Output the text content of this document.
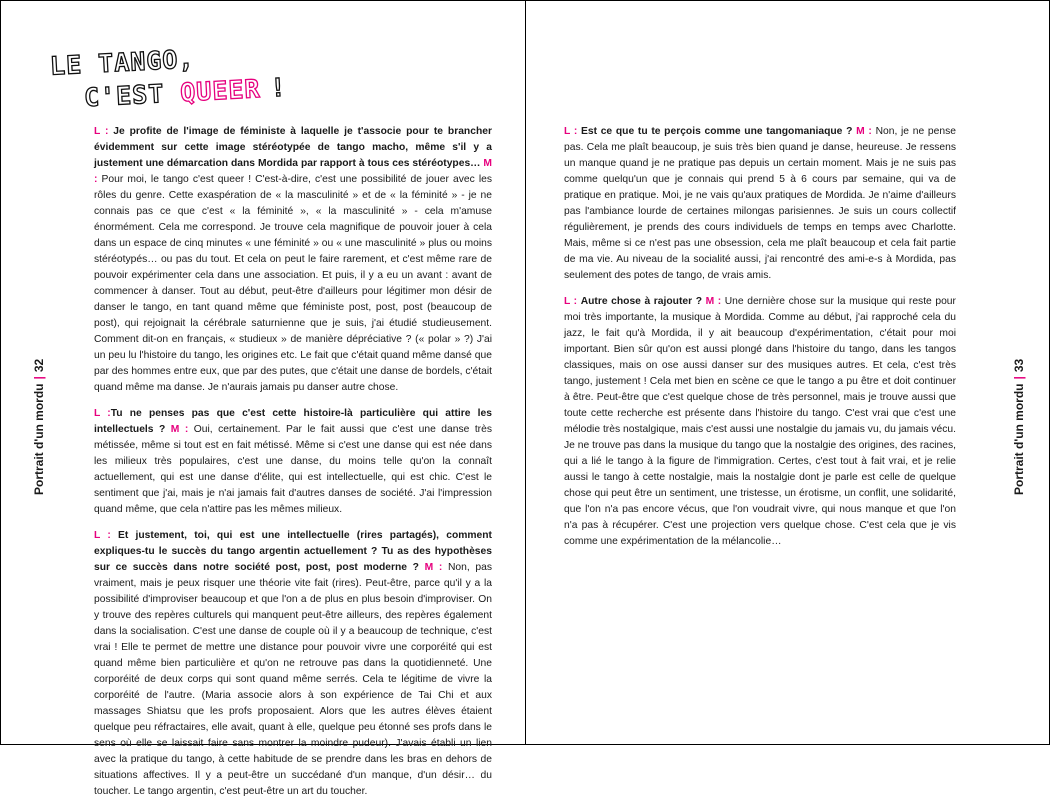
LE TANGO,
C'EST QUEER !

L : Je profite de l'image de féministe à laquelle je t'associe pour te brancher évidemment sur cette image stéréotypée de tango macho, même s'il y a justement une démarcation dans Mordida par rapport à tous ces stéréotypes… M : Pour moi, le tango c'est queer ! C'est-à-dire, c'est une possibilité de jouer avec les rôles du genre. Cette exaspération de « la masculinité » et de « la féminité » - je ne connais pas ce que c'est « la féminité », « la masculinité » - cela m'amuse énormément. Cela me correspond. Je trouve cela magnifique de pouvoir jouer à cela dans un espace de cinq minutes « une féminité » ou « une masculinité » plus ou moins stéréotypés… ou pas du tout. Et cela on peut le faire rarement, et c'est même rare de pouvoir expérimenter cela dans une association. Et puis, il y a eu un avant : avant de commencer à danser. Tout au début, peut-être d'ailleurs pour légitimer mon désir de danser le tango, en tant quand même que féministe post, post, post (beaucoup de post), qui rejoignait la cérébrale saturnienne que je suis, j'ai étudié studieusement. Comment dit-on en français, « studieux » de manière dépréciative ? (« polar » ?) J'ai un peu lu l'histoire du tango, les origines etc. Le fait que c'était quand même dansé que par des hommes entre eux, que par des putes, que c'était une danse de bordels, c'était quand même ma danse. Je n'aurais jamais pu danser autre chose.

L :Tu ne penses pas que c'est cette histoire-là particulière qui attire les intellectuels ? M : Oui, certainement. Par le fait aussi que c'est une danse très métissée, même si tout est en fait métissé. Même si c'est une danse qui est née dans les milieux très populaires, c'est une danse, du moins telle qu'on la connaît actuellement, qui est une danse d'élite, qui est intellectuelle, qui est chic. C'est le sentiment que j'ai, mais je n'ai jamais fait d'autres danses de société. J'ai l'impression quand même, que cela n'attire pas les mêmes milieux.

L : Et justement, toi, qui est une intellectuelle (rires partagés), comment expliques-tu le succès du tango argentin actuellement ? Tu as des hypothèses sur ce succès dans notre société post, post, post moderne ? M : Non, pas vraiment, mais je peux risquer une théorie vite fait (rires). Peut-être, parce qu'il y a la possibilité d'improviser beaucoup et que l'on a de plus en plus besoin d'improviser. On y trouve des repères culturels qui manquent peut-être ailleurs, des repères également dans la socialisation. C'est une danse de couple où il y a beaucoup de technique, c'est vrai ! Elle te permet de mettre une distance pour pouvoir vivre une corporéité qui est quand même bien particulière et qu'on ne retrouve pas dans la quotidienneté. Une corporéité de deux corps qui sont quand même serrés. Cela te légitime de vivre la corporéité de l'autre. (Maria associe alors à son expérience de Tai Chi et aux massages Shiatsu que les profs proposaient. Alors que les autres élèves étaient quelque peu réfractaires, elle avait, quant à elle, quelque peu étonné ses profs dans le sens où elle se laissait faire sans montrer la moindre pudeur). J'avais établi un lien avec la pratique du tango, à cette habitude de se prendre dans les bras en dehors de situations affectives. Il y a peut-être un succédané d'un manque, d'un désir… du toucher. Le tango argentin, c'est peut-être un art du toucher.

L : Est ce que tu te perçois comme une tangomaniaque ? M : Non, je ne pense pas. Cela me plaît beaucoup, je suis très bien quand je danse, heureuse. Je ressens un manque quand je ne pratique pas depuis un certain moment. Mais je ne suis pas comme quelqu'un que je connais qui prend 5 à 6 cours par semaine, qui va de pratique en pratique. Moi, je ne vais qu'aux pratiques de Mordida. Je n'aime d'ailleurs pas l'ambiance lourde de certaines milongas parisiennes. Je suis un cours collectif régulièrement, je prends des cours individuels de temps en temps avec Charlotte. Mais, même si ce n'est pas une obsession, cela me plaît beaucoup et cela fait partie de ma vie. Au niveau de la socialité aussi, j'ai rencontré des ami-e-s à Mordida, pas seulement des potes de tango, de vrais amis.

L : Autre chose à rajouter ? M : Une dernière chose sur la musique qui reste pour moi très importante, la musique à Mordida. Comme au début, j'ai rapproché cela du jazz, le fait qu'à Mordida, il y ait beaucoup d'expérimentation, c'était pour moi important. Bien sûr qu'on est aussi plongé dans l'histoire du tango, dans les tangos classiques, mais on ose aussi danser sur des musiques autres. Et cela, c'est très tango, justement ! Cela met bien en scène ce que le tango a pu être et doit continuer à être. Peut-être que c'est quelque chose de très personnel, mais je trouve aussi que toute cette recherche est présente dans l'histoire du tango. C'est vrai que c'est une mélodie très nostalgique, mais c'est aussi une nostalgie du jamais vu, du jamais vécu. Je ne trouve pas dans la musique du tango que la nostalgie des origines, des racines, qui a lié le tango à la figure de l'immigration. Certes, c'est tout à fait vrai, et je relie aussi le tango à cette nostalgie, mais la nostalgie dont je parle est celle de quelque chose qui peut être un sentiment, une tristesse, un érotisme, un conflit, une solidarité, que l'on n'a pas encore vécus, que l'on voudrait vivre, qui nous manque et que l'on n'a pas à récupérer. C'est une projection vers quelque chose. C'est cela que je vis comme une expérimentation de la mélancolie…

Portrait d'un mordu|32
Portrait d'un mordu|33
